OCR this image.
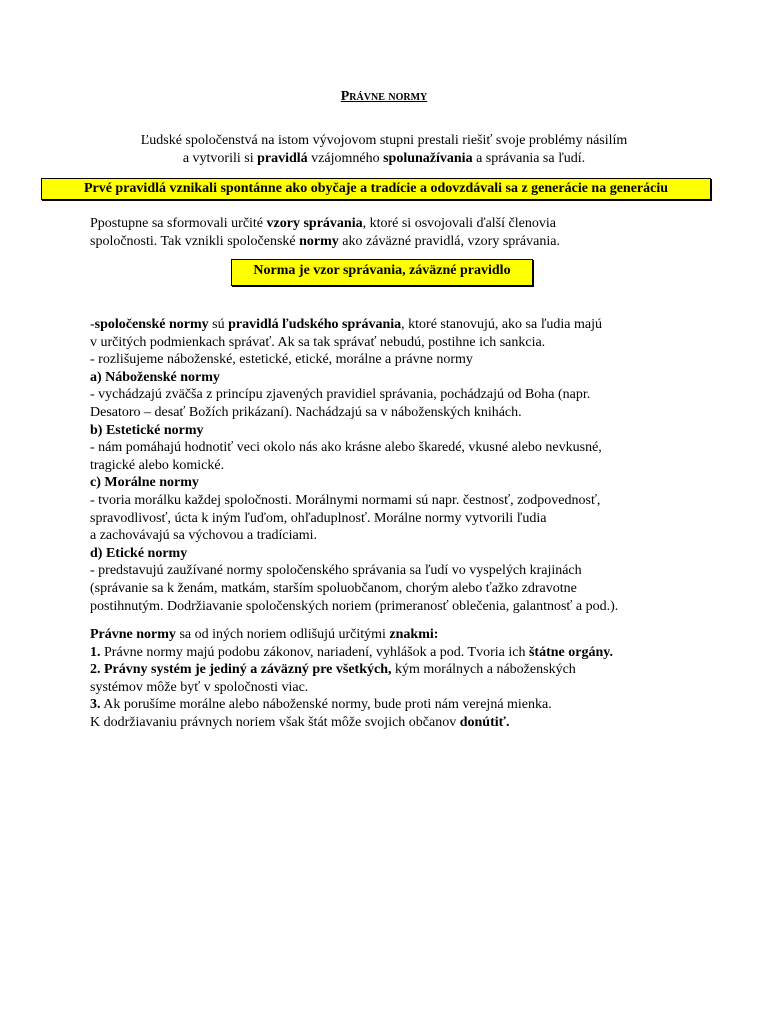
Právne normy
Ľudské spoločenstvá na istom vývojovom stupni prestali riešiť svoje problémy násilím
a vytvorili si pravidlá vzájomného spolunažívania a správania sa ľudí.
Prvé pravidlá vznikali spontánne ako obyčaje a tradície a odovzdávali sa z generácie na generáciu
Ppostupne sa sformovali určité vzory správania, ktoré si osvojovali ďalší členovia
spoločnosti. Tak vznikli spoločenské normy ako záväzné pravidlá, vzory správania.
Norma je vzor správania, záväzné pravidlo
-spoločenské normy sú pravidlá ľudského správania, ktoré stanovujú, ako sa ľudia majú
v určitých podmienkach správať. Ak sa tak správať nebudú, postihne ich sankcia.
- rozlišujeme náboženské, estetické, etické, morálne a právne normy
a) Náboženské normy
- vychádzajú zväčša z princípu zjavených pravidiel správania, pochádzajú od Boha (napr.
Desatoro – desať Božích prikázaní). Nachádzajú sa v náboženských knihách.
b) Estetické normy
- nám pomáhajú hodnotiť veci okolo nás ako krásne alebo škaredé, vkusné alebo nevkusné,
tragické alebo komické.
c) Morálne normy
- tvoria morálku každej spoločnosti. Morálnymi normami sú napr. čestnosť, zodpovednosť,
spravodlivosť, úcta k iným ľuďom, ohľaduplnosť. Morálne normy vytvorili ľudia
a zachovávajú sa výchovou a tradíciami.
d) Etické normy
- predstavujú zaužívané normy spoločenského správania sa ľudí vo vyspelých krajinách
(správanie sa k ženám, matkám, starším spoluobčanom, chorým alebo ťažko zdravotne
postihnutým. Dodržiavanie spoločenských noriem (primeranosť oblečenia, galantnosť a pod.).
Právne normy sa od iných noriem odlišujú určitými znakmi:
1. Právne normy majú podobu zákonov, nariadení, vyhlášok a pod. Tvoria ich štátne orgány.
2. Právny systém je jediný a záväzný pre všetkých, kým morálnych a náboženských
systémov môže byť v spoločnosti viac.
3. Ak porušíme morálne alebo náboženské normy, bude proti nám verejná mienka.
K dodržiavaniu právnych noriem však štát môže svojich občanov donútiť.
